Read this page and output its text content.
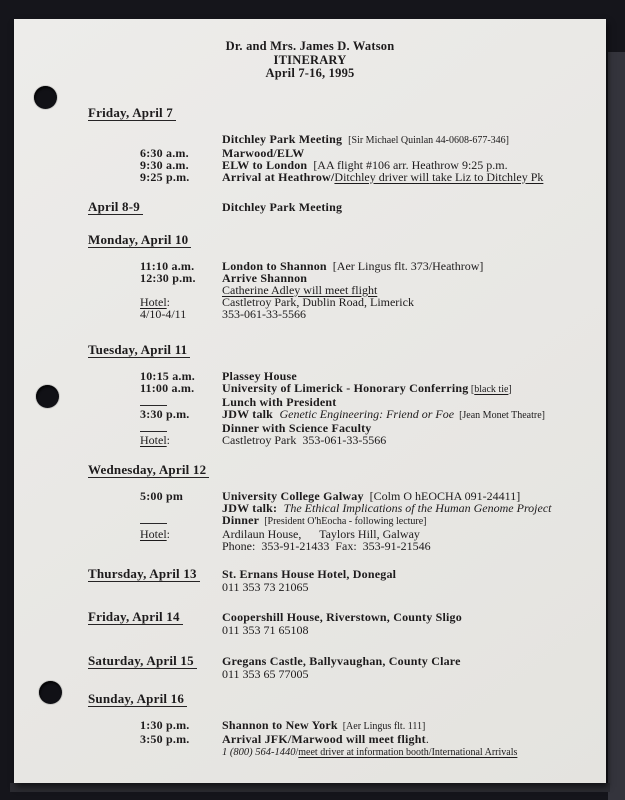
Dr. and Mrs. James D. Watson
ITINERARY
April 7-16, 1995
Friday, April 7
Ditchley Park Meeting [Sir Michael Quinlan 44-0608-677-346]
6:30 a.m.	Marwood/ELW
9:30 a.m.	ELW to London  [AA flight #106 arr. Heathrow 9:25 p.m.
9:25 p.m.	Arrival at Heathrow/Ditchley driver will take Liz to Ditchley Pk
April 8-9	Ditchley Park Meeting
Monday, April 10
11:10 a.m.	London to Shannon  [Aer Lingus flt. 373/Heathrow]
12:30 p.m.	Arrive Shannon
Catherine Adley will meet flight
Hotel:	Castletroy Park, Dublin Road, Limerick
4/10-4/11	353-061-33-5566
Tuesday, April 11
10:15 a.m.	Plassey House
11:00 a.m.	University of Limerick - Honorary Conferring [black tie]
Lunch with President
3:30 p.m.	JDW talk  Genetic Engineering: Friend or Foe  [Jean Monet Theatre]
Dinner with Science Faculty
Hotel:	Castletroy Park  353-061-33-5566
Wednesday, April 12
5:00 pm	University College Galway  [Colm O hEOCHA 091-24411]
JDW talk:  The Ethical Implications of the Human Genome Project
Dinner  [President O'hEocha - following lecture]
Hotel:	Ardilaun House,      Taylors Hill, Galway
Phone:  353-91-21433  Fax:  353-91-21546
Thursday, April 13	St. Ernans House Hotel, Donegal
011 353 73 21065
Friday, April 14	Coopershill House, Riverstown, County Sligo
011 353 71 65108
Saturday, April 15	Gregans Castle, Ballyvaughan, County Clare
011 353 65 77005
Sunday, April 16
1:30 p.m.	Shannon to New York  [Aer Lingus flt. 111]
3:50 p.m.	Arrival JFK/Marwood will meet flight.
1 (800) 564-1440/meet driver at information booth/International Arrivals
